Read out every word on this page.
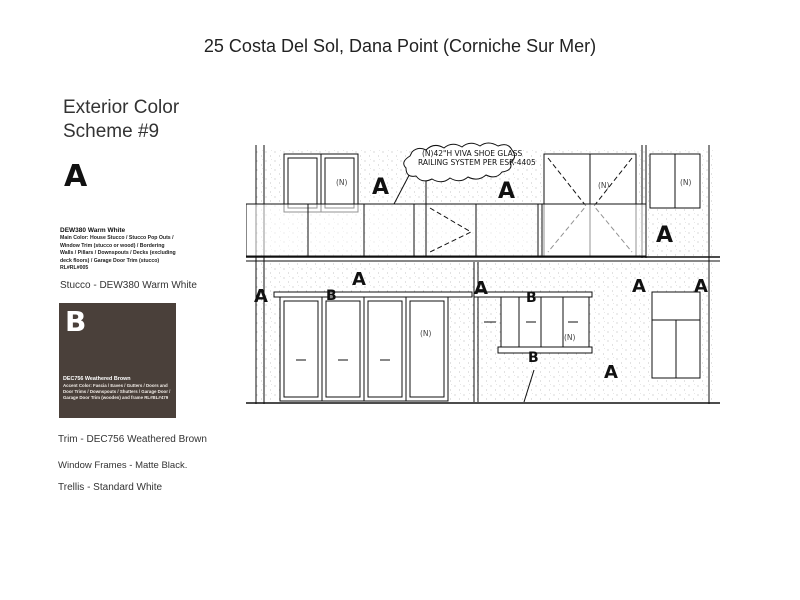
25 Costa Del Sol, Dana Point (Corniche Sur Mer)
Exterior Color Scheme #9
A
DEW380 Warm White
Main Color: House Stucco / Stucco Pop Outs / Window Trim (stucco or wood) / Bordering Walls / Pillars / Downspouts / Decks (excluding deck floors) / Garage Door Trim (stucco) RL#RL#005
Stucco - DEW380 Warm White
B
DEC756 Weathered Brown
Accent Color: Fascia / Eaves / Gutters / Doors and Door Trims / Downspouts / Shutters / Garage Door / Garage Door Trim (wooden) and frame RL#BL#479
Trim - DEC756 Weathered Brown
Window Frames - Matte Black.
Trellis - Standard White
(N)42"H VIVA SHOE GLASS
RAILING SYSTEM PER ESR-4405
(N)	(N)	(N)
(N)	(N)
A	A
A
A
A	A	A	A
A
B	B
B
